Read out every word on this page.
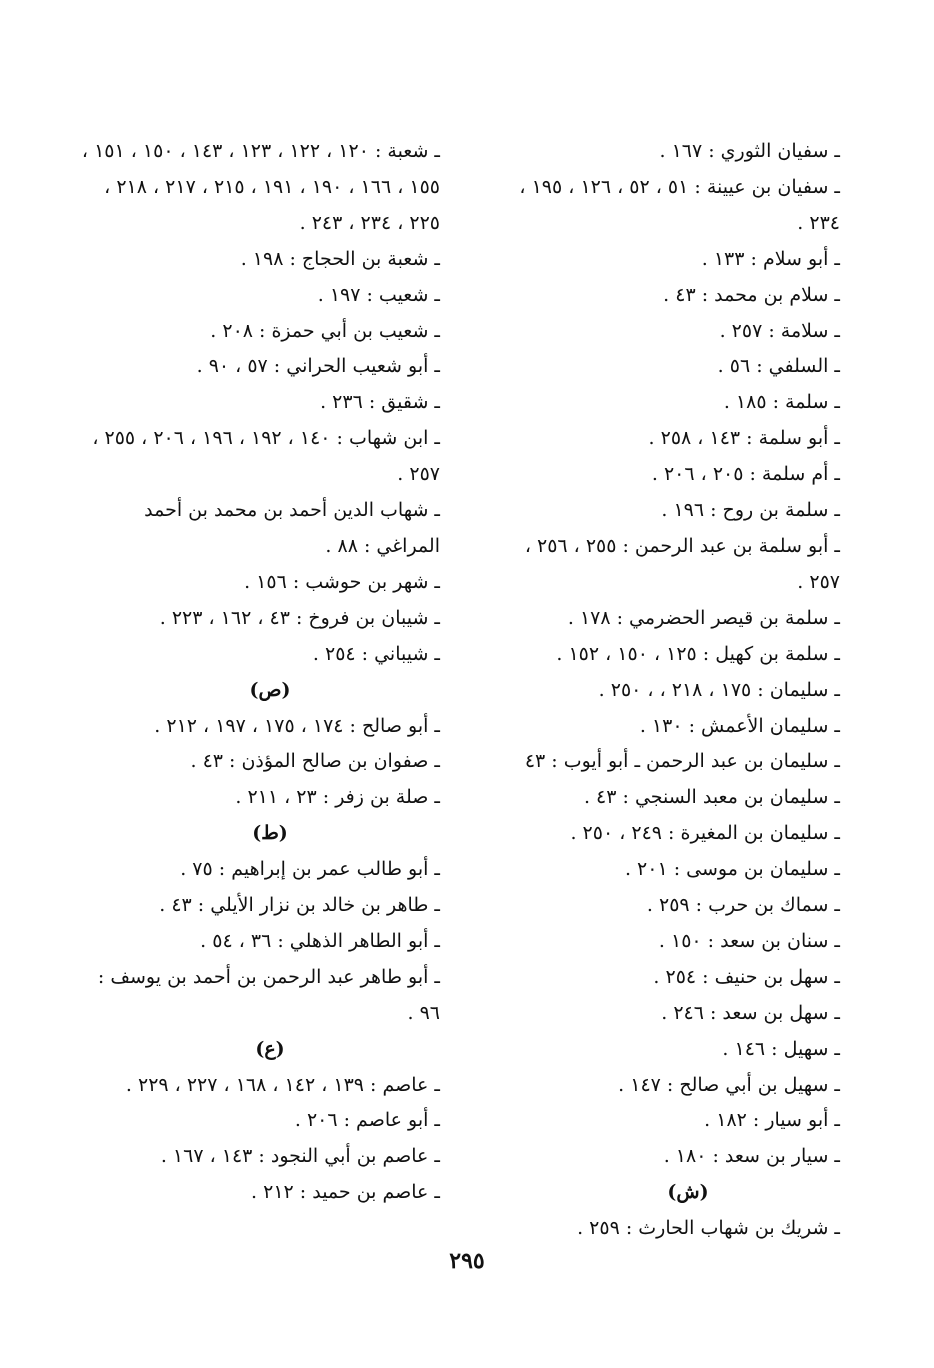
ـ سفيان الثوري : ١٦٧ .

ـ سفيان بن عيينة : ٥١ ، ٥٢ ، ١٢٦ ، ١٩٥ ، ٢٣٤ .

ـ أبو سلام : ١٣٣ .

ـ سلام بن محمد : ٤٣ .

ـ سلامة : ٢٥٧ .

ـ السلفي : ٥٦ .

ـ سلمة : ١٨٥ .

ـ أبو سلمة : ١٤٣ ، ٢٥٨ .

ـ أم سلمة : ٢٠٥ ، ٢٠٦ .

ـ سلمة بن روح : ١٩٦ .

ـ أبو سلمة بن عبد الرحمن : ٢٥٥ ، ٢٥٦ ، ٢٥٧ .

ـ سلمة بن قيصر الحضرمي : ١٧٨ .

ـ سلمة بن كهيل : ١٢٥ ، ١٥٠ ، ١٥٢ .

ـ سليمان : ١٧٥ ، ٢١٨ ، ، ٢٥٠ .

ـ سليمان الأعمش : ١٣٠ .

ـ سليمان بن عبد الرحمن ـ أبو أيوب : ٤٣

ـ سليمان بن معبد السنجي : ٤٣ .

ـ سليمان بن المغيرة : ٢٤٩ ، ٢٥٠ .

ـ سليمان بن موسى : ٢٠١ .

ـ سماك بن حرب : ٢٥٩ .

ـ سنان بن سعد : ١٥٠ .

ـ سهل بن حنيف : ٢٥٤ .

ـ سهل بن سعد : ٢٤٦ .

ـ سهيل : ١٤٦ .

ـ سهيل بن أبي صالح : ١٤٧ .

ـ أبو سيار : ١٨٢ .

ـ سيار بن سعد : ١٨٠ .

(ش)

ـ شريك بن شهاب الحارث : ٢٥٩ .

ـ شعبة : ١٢٠ ، ١٢٢ ، ١٢٣ ، ١٤٣ ، ١٥٠ ، ١٥١ ، ١٥٥ ، ١٦٦ ، ١٩٠ ، ١٩١ ، ٢١٥ ، ٢١٧ ، ٢١٨ ، ٢٢٥ ، ٢٣٤ ، ٢٤٣ .

ـ شعبة بن الحجاج : ١٩٨ .

ـ شعيب : ١٩٧ .

ـ شعيب بن أبي حمزة : ٢٠٨ .

ـ أبو شعيب الحراني : ٥٧ ، ٩٠ .

ـ شقيق : ٢٣٦ .

ـ ابن شهاب : ١٤٠ ، ١٩٢ ، ١٩٦ ، ٢٠٦ ، ٢٥٥ ، ٢٥٧ .

ـ شهاب الدين أحمد بن محمد بن أحمد المراغي : ٨٨ .

ـ شهر بن حوشب : ١٥٦ .

ـ شيبان بن فروخ : ٤٣ ، ١٦٢ ، ٢٢٣ .

ـ شيباني : ٢٥٤ .

(ص)

ـ أبو صالح : ١٧٤ ، ١٧٥ ، ١٩٧ ، ٢١٢ .

ـ صفوان بن صالح المؤذن : ٤٣ .

ـ صلة بن زفر : ٢٣ ، ٢١١ .

(ط)

ـ أبو طالب عمر بن إبراهيم : ٧٥ .

ـ طاهر بن خالد بن نزار الأيلي : ٤٣ .

ـ أبو الطاهر الذهلي : ٣٦ ، ٥٤ .

ـ أبو طاهر عبد الرحمن بن أحمد بن يوسف : ٩٦ .

(ع)

ـ عاصم : ١٣٩ ، ١٤٢ ، ١٦٨ ، ٢٢٧ ، ٢٢٩ .

ـ أبو عاصم : ٢٠٦ .

ـ عاصم بن أبي النجود : ١٤٣ ، ١٦٧ .

ـ عاصم بن حميد : ٢١٢ .

٢٩٥
